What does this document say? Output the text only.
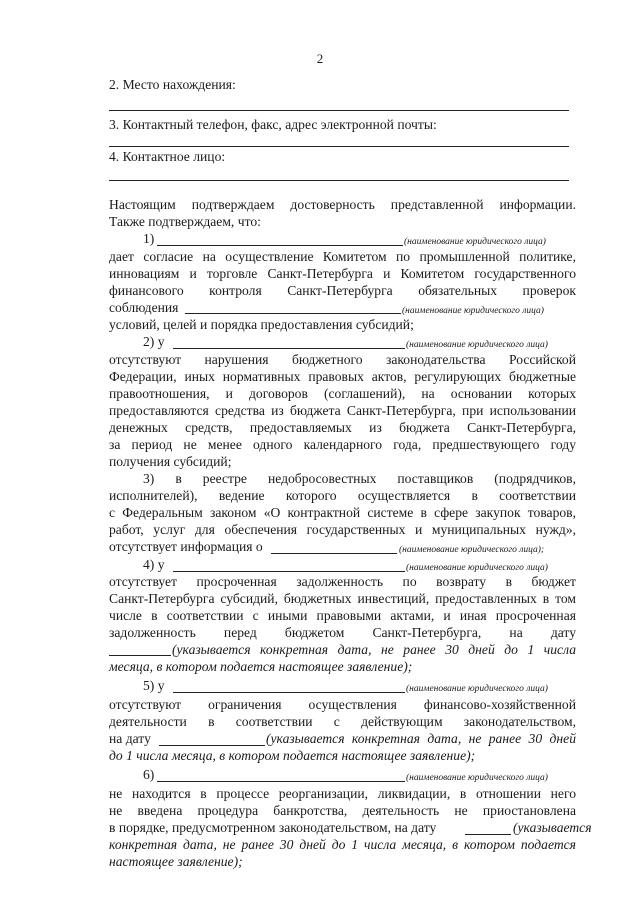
2
2. Место нахождения:
3. Контактный телефон, факс, адрес электронной почты:
4. Контактное лицо:
Настоящим подтверждаем достоверность представленной информации.
Также подтверждаем, что:
1)	(наименование юридического лица)
дает согласие на осуществление Комитетом по промышленной политике,
инновациям и торговле Санкт-Петербурга и Комитетом государственного
финансового контроля Санкт-Петербурга обязательных проверок
соблюдения	(наименование юридического лица)
условий, целей и порядка предоставления субсидий;
2) у	(наименование юридического лица)
отсутствуют нарушения бюджетного законодательства Российской
Федерации, иных нормативных правовых актов, регулирующих бюджетные
правоотношения, и договоров (соглашений), на основании которых
предоставляются средства из бюджета Санкт-Петербурга, при использовании
денежных средств, предоставляемых из бюджета Санкт-Петербурга,
за период не менее одного календарного года, предшествующего году
получения субсидий;
3) в реестре недобросовестных поставщиков (подрядчиков,
исполнителей), ведение которого осуществляется в соответствии
с Федеральным законом «О контрактной системе в сфере закупок товаров,
работ, услуг для обеспечения государственных и муниципальных нужд»,
отсутствует информация о	(наименование юридического лица);
4) у	(наименование юридического лица)
отсутствует просроченная задолженность по возврату в бюджет
Санкт-Петербурга субсидий, бюджетных инвестиций, предоставленных в том
числе в соответствии с иными правовыми актами, и иная просроченная
задолженность перед бюджетом Санкт-Петербурга, на дату
(указывается конкретная дата, не ранее 30 дней до 1 числа
месяца, в котором подается настоящее заявление);
5) у	(наименование юридического лица)
отсутствуют ограничения осуществления финансово-хозяйственной
деятельности в соответствии с действующим законодательством,
на дату	(указывается конкретная дата, не ранее 30 дней
до 1 числа месяца, в котором подается настоящее заявление);
6)	(наименование юридического лица)
не находится в процессе реорганизации, ликвидации, в отношении него
не введена процедура банкротства, деятельность не приостановлена
в порядке, предусмотренном законодательством, на дату	(указывается
конкретная дата, не ранее 30 дней до 1 числа месяца, в котором подается
настоящее заявление);
